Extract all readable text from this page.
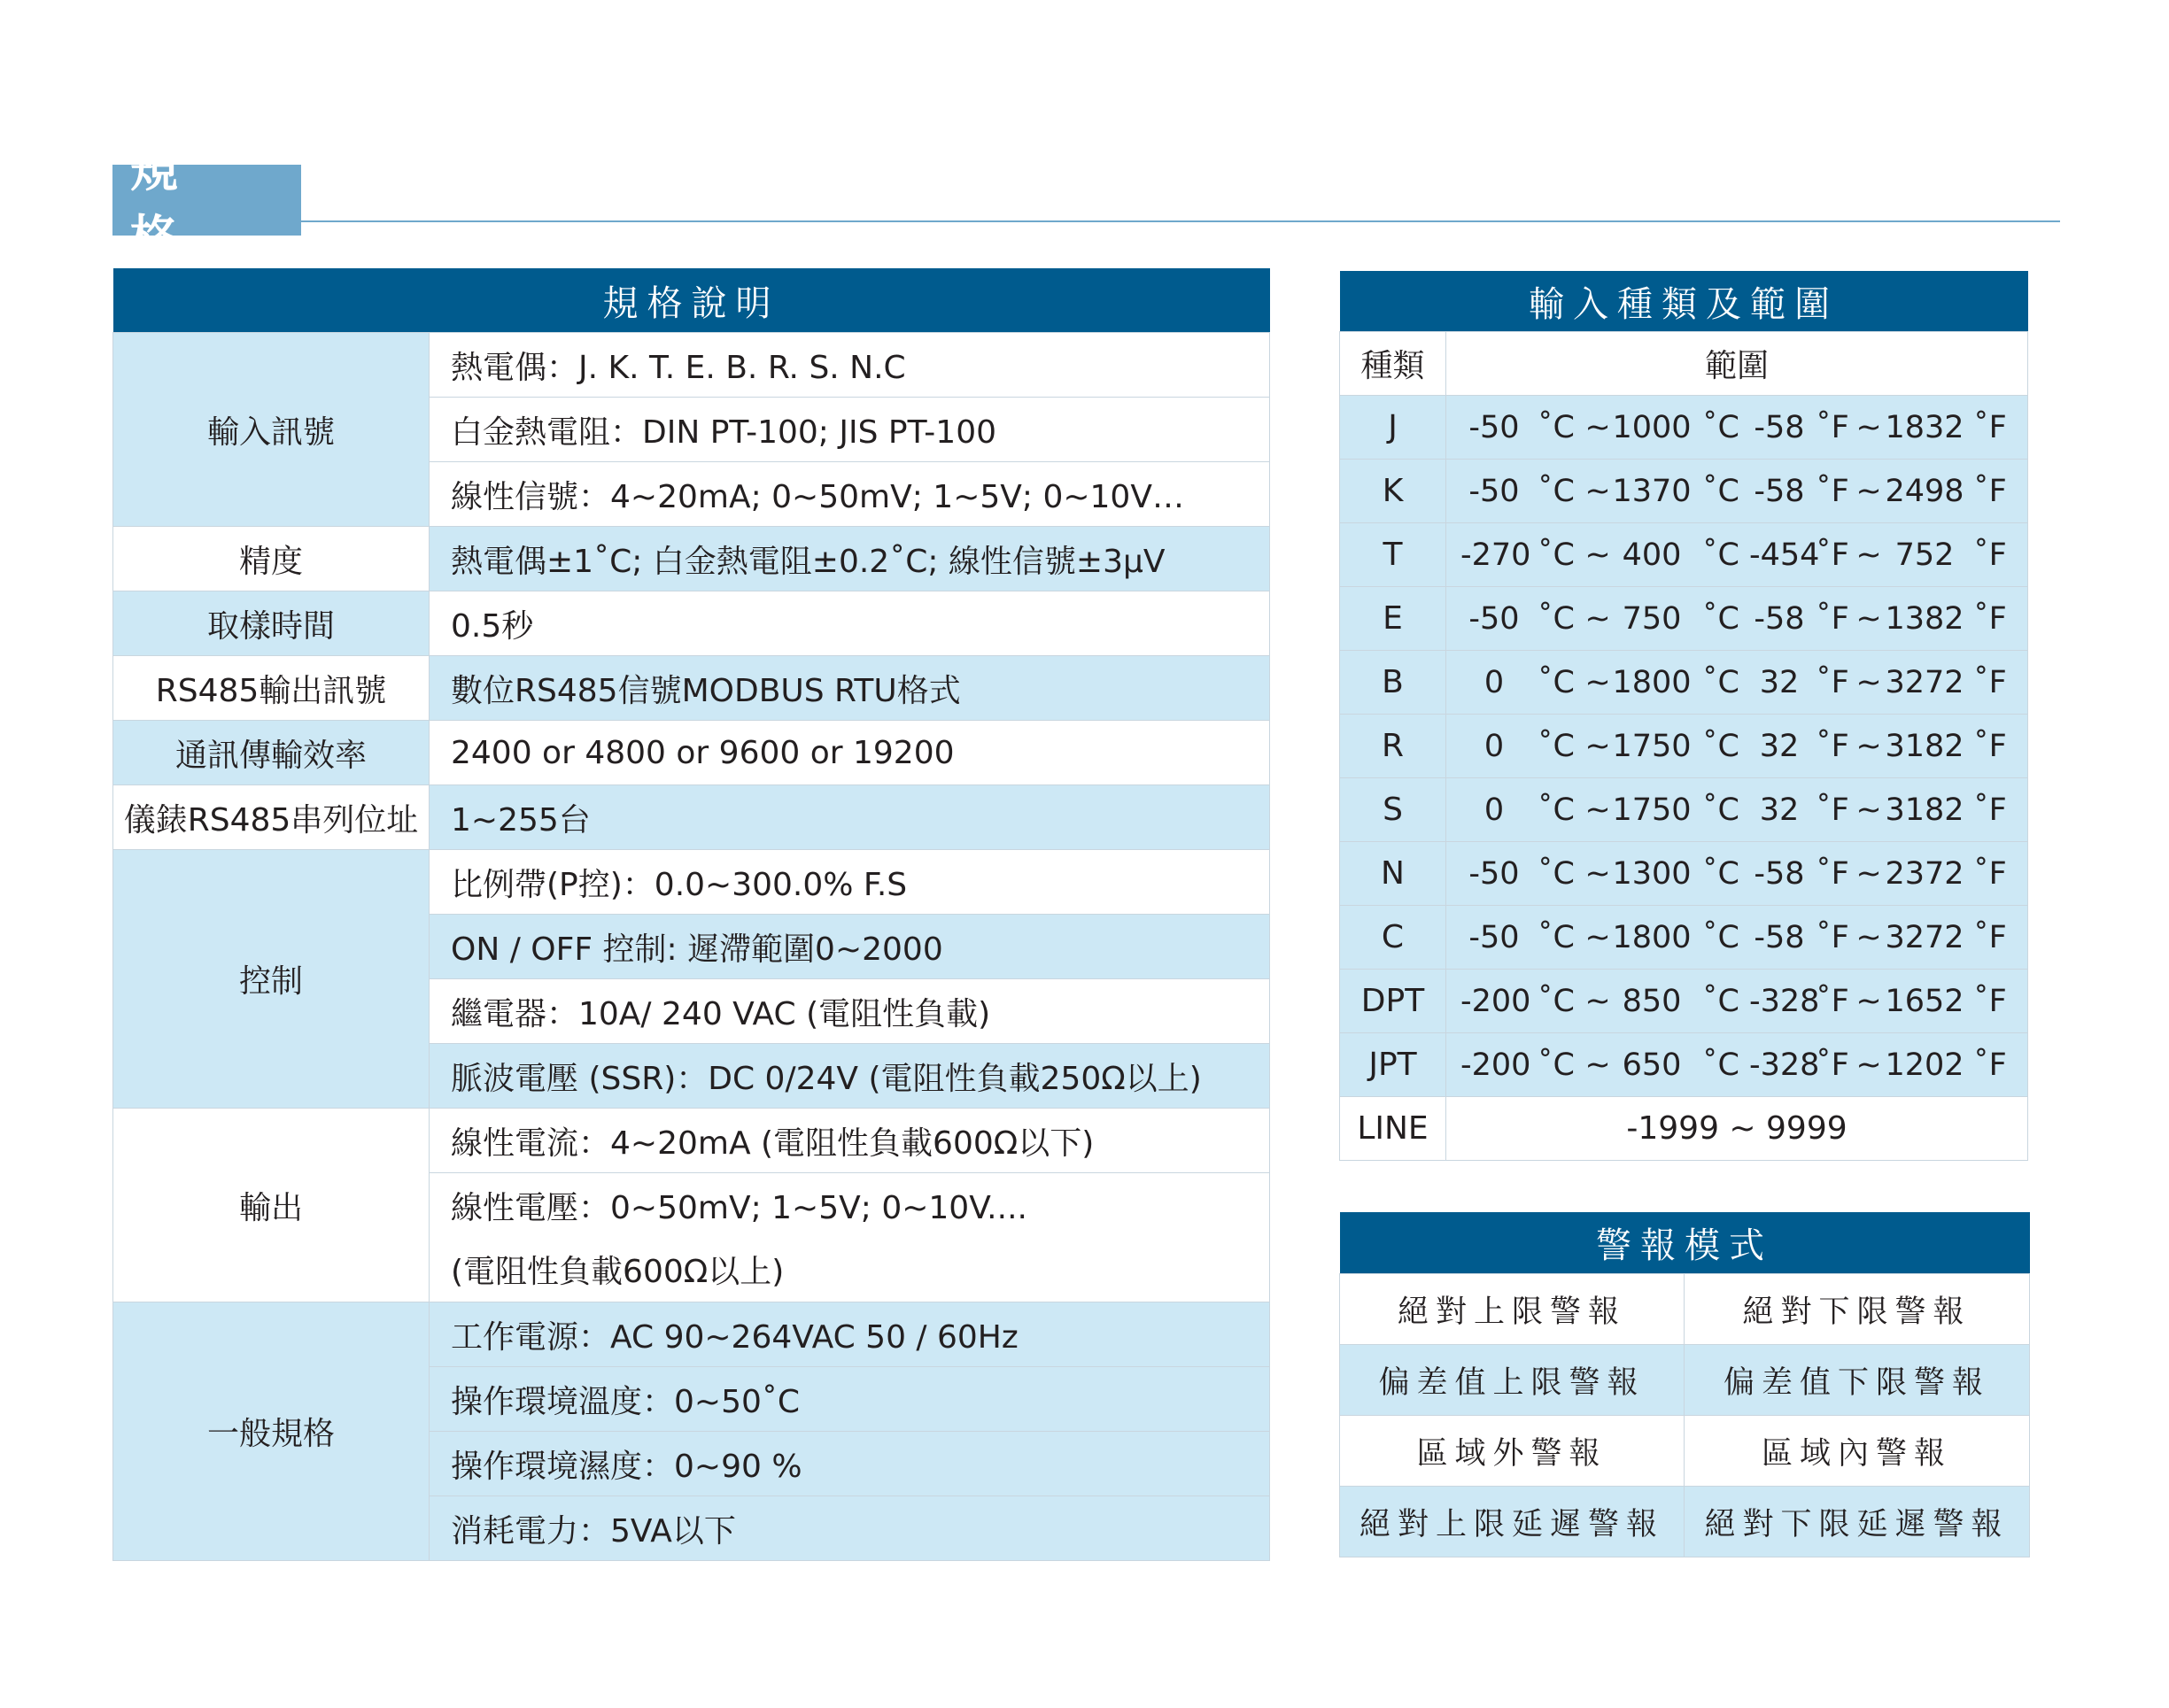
規 格
規格說明	
輸入訊號	熱電偶：J. K. T. E. B. R. S. N.C
	白金熱電阻：DIN PT-100; JIS PT-100
	線性信號：4~20mA; 0~50mV; 1~5V; 0~10V…
精度	熱電偶±1˚C; 白金熱電阻±0.2˚C; 線性信號±3μV
取樣時間	0.5秒
RS485輸出訊號	數位RS485信號MODBUS RTU格式
通訊傳輸效率	2400 or 4800 or 9600 or 19200
儀錶RS485串列位址	1~255台
控制	比例帶(P控)：0.0~300.0% F.S
	ON / OFF 控制: 遲滯範圍0~2000
	繼電器：10A/ 240 VAC (電阻性負載)
	脈波電壓 (SSR)：DC 0/24V (電阻性負載250Ω以上)
輸出	線性電流：4~20mA (電阻性負載600Ω以下)
	線性電壓：0~50mV; 1~5V; 0~10V....
	(電阻性負載600Ω以上)
一般規格	工作電源：AC 90~264VAC 50 / 60Hz
	操作環境溫度：0~50˚C
	操作環境濕度：0~90 %
	消耗電力：5VA以下
輸入種類及範圍	
種類	範圍
J	-50 ˚C ~1000 ˚C -58 ˚F ~ 1832 ˚F
K	-50 ˚C ~1370 ˚C -58 ˚F ~ 2498 ˚F
T	-270 ˚C ~ 400 ˚C -454˚F ~ 752 ˚F
E	-50 ˚C ~ 750 ˚C -58 ˚F ~ 1382 ˚F
B	0 ˚C ~1800 ˚C 32 ˚F ~ 3272 ˚F
R	0 ˚C ~1750 ˚C 32 ˚F ~ 3182 ˚F
S	0 ˚C ~1750 ˚C 32 ˚F ~ 3182 ˚F
N	-50 ˚C ~1300 ˚C -58 ˚F ~ 2372 ˚F
C	-50 ˚C ~1800 ˚C -58 ˚F ~ 3272 ˚F
DPT	-200 ˚C ~ 850 ˚C -328˚F ~ 1652 ˚F
JPT	-200 ˚C ~ 650 ˚C -328˚F ~ 1202 ˚F
LINE	-1999 ~ 9999
警報模式	
絕對上限警報	絕對下限警報
偏差值上限警報	偏差值下限警報
區域外警報	區域內警報
絕對上限延遲警報	絕對下限延遲警報
